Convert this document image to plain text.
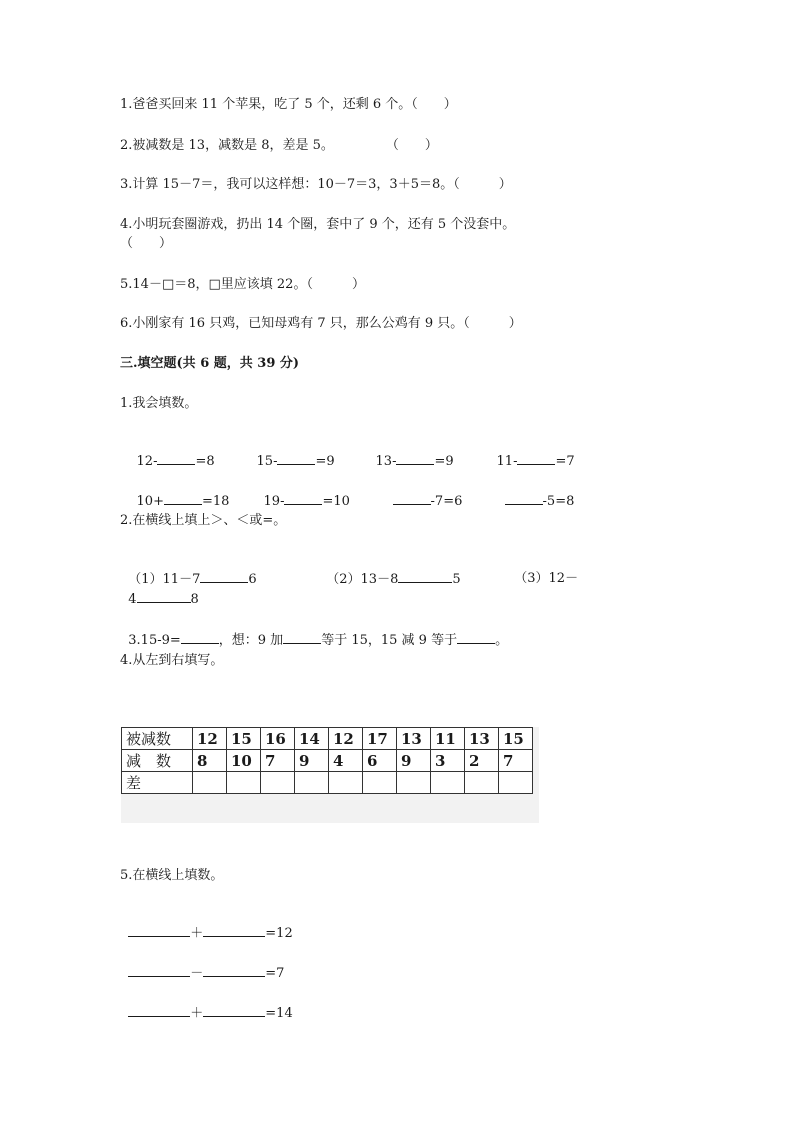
1.爸爸买回来 11 个苹果，吃了 5 个，还剩 6 个。（　　）
2.被减数是 13，减数是 8，差是 5。　　　　　（　　）
3.计算 15－7＝，我可以这样想：10－7＝3，3＋5＝8。（　　　）
4.小明玩套圈游戏，扔出 14 个圈，套中了 9 个，还有 5 个没套中。
（　　）
5.14－□＝8，□里应该填 22。（　　　）
6.小刚家有 16 只鸡，已知母鸡有 7 只，那么公鸡有 9 只。（　　　）
三.填空题(共 6 题，共 39 分)
1.我会填数。

12-	=8
	15-	=9
	13-	=9
	11-	=7

10+	=18
	19-	=10
	-7=6
	-5=8

2.在横线上填上＞、＜或=。

（1）11－7	6	（2）13－8	5	（3）12－

4	8

3.15-9=	，想：9 加	等于 15，15 减 9 等于	。

4.从左到右填写。
被减数	12	15	16	14	12	17	13	11	13	15
减　数	8	10	7	9	4	6	9	3	2	7
差										
5.在横线上填数。

＋	=12

－	=7

＋	=14
